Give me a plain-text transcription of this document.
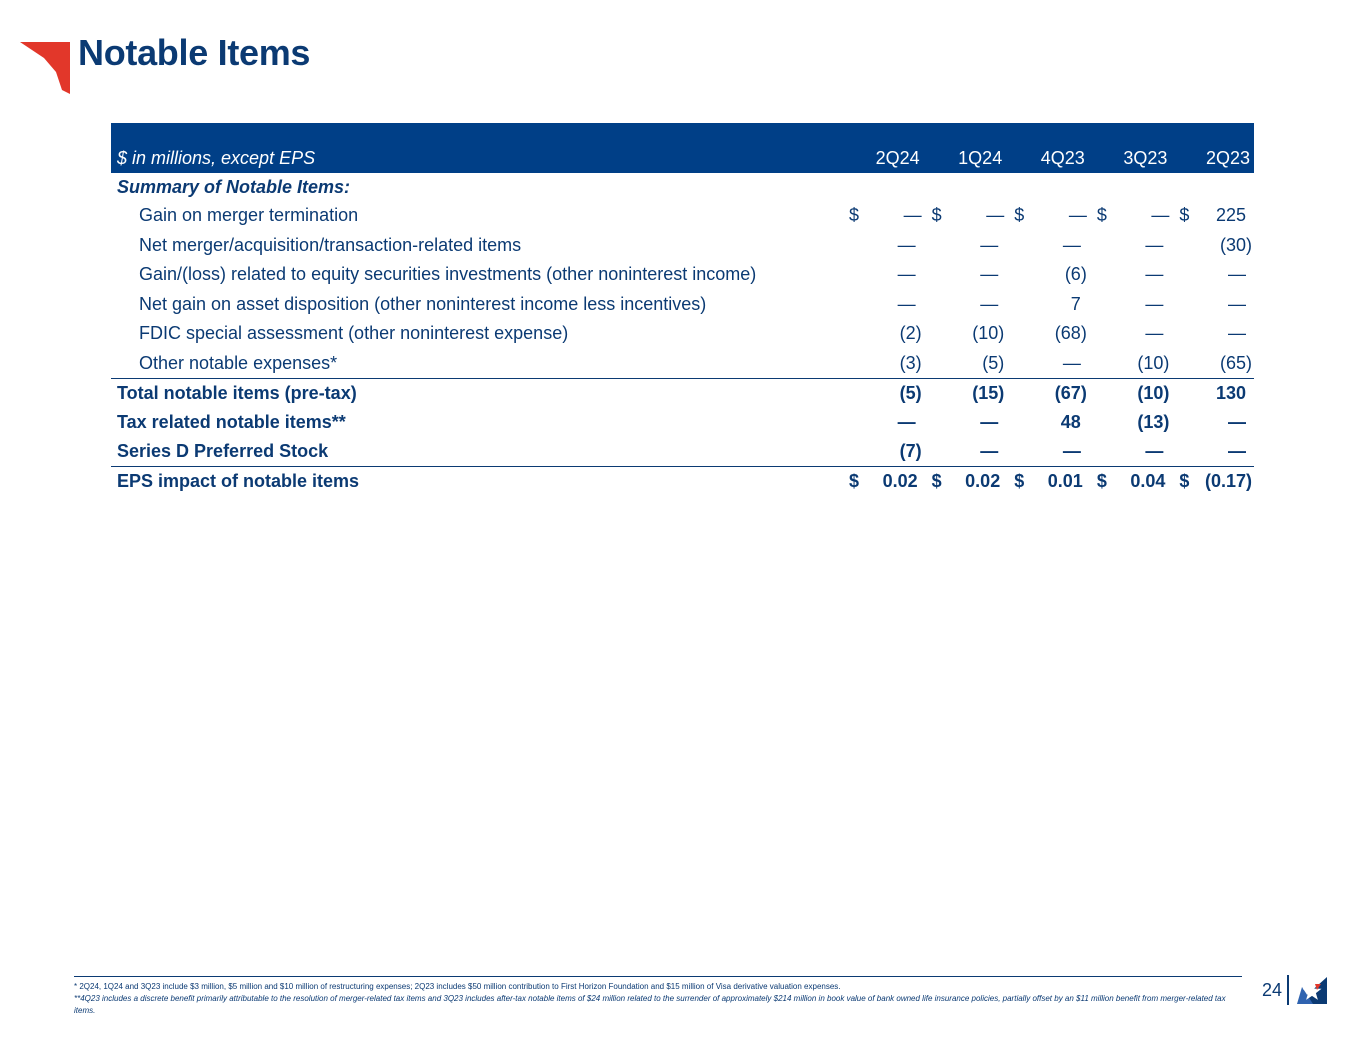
Notable Items
$ in millions, except EPS	2Q24	1Q24	4Q23	3Q23	2Q23
Summary of Notable Items:
Gain on merger termination	$	— $	— $	— $	— $	225
Net merger/acquisition/transaction-related items	—	—	—	—	(30)
Gain/(loss) related to equity securities investments (other noninterest income)	—	—	(6)	—	—
Net gain on asset disposition (other noninterest income less incentives)	—	—	7	—	—
FDIC special assessment (other noninterest expense)	(2)	(10)	(68)	—	—
Other notable expenses*	(3)	(5)	—	(10)	(65)
Total notable items (pre-tax)	(5)	(15)	(67)	(10)	130
Tax related notable items**	—	—	48	(13)	—
Series D Preferred Stock	(7)	—	—	—	—
EPS impact of notable items	$	0.02 $	0.02 $	0.01 $	0.04 $ (0.17)
* 2Q24, 1Q24 and 3Q23 include $3 million, $5 million and $10 million of restructuring expenses; 2Q23 includes $50 million contribution to First Horizon Foundation and $15 million of Visa derivative valuation expenses.
**4Q23 includes a discrete benefit primarily attributable to the resolution of merger-related tax items and 3Q23 includes after-tax notable items of $24 million related to the surrender of approximately $214 million in book value of bank owned life insurance policies, partially offset by an $11 million benefit from merger-related tax items.
24
